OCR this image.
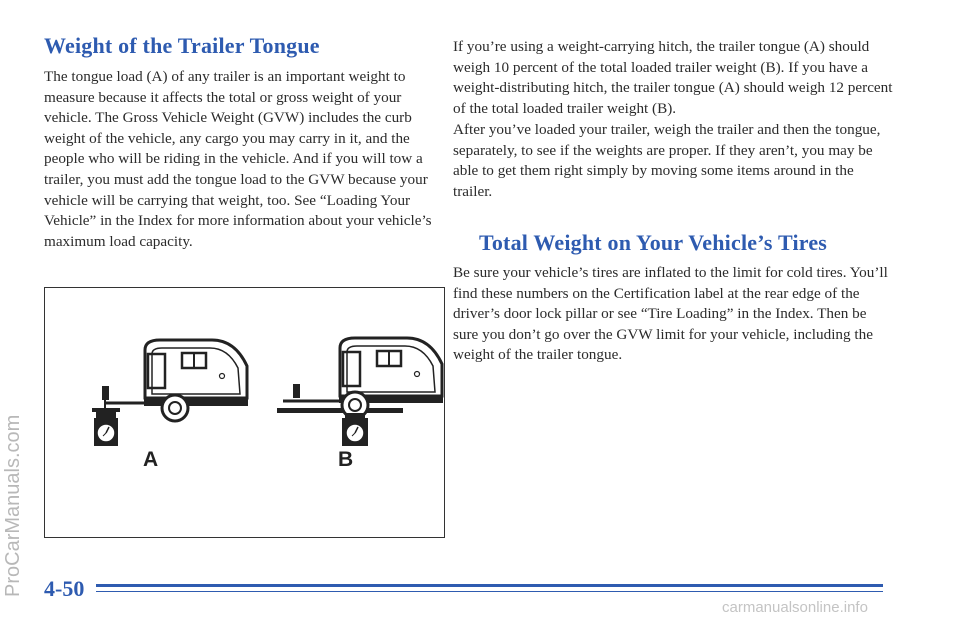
ProCarManuals.com
Weight of the Trailer Tongue

The tongue load (A) of any trailer is an important weight to measure because it affects the total or gross weight of your vehicle. The Gross Vehicle Weight (GVW) includes the curb weight of the vehicle, any cargo you may carry in it, and the people who will be riding in the vehicle. And if you will tow a trailer, you must add the tongue load to the GVW because your vehicle will be carrying that weight, too. See “Loading Your Vehicle” in the Index for more information about your vehicle’s maximum load capacity.

A	B

If you’re using a weight-carrying hitch, the trailer tongue (A) should weigh 10 percent of the total loaded trailer weight (B). If you have a weight-distributing hitch, the trailer tongue (A) should weigh 12 percent of the total loaded trailer weight (B).

After you’ve loaded your trailer, weigh the trailer and then the tongue, separately, to see if the weights are proper. If they aren’t, you may be able to get them right simply by moving some items around in the trailer.

Total Weight on Your Vehicle’s Tires

Be sure your vehicle’s tires are inflated to the limit for cold tires. You’ll find these numbers on the Certification label at the rear edge of the driver’s door lock pillar or see “Tire Loading” in the Index. Then be sure you don’t go over the GVW limit for your vehicle, including the weight of the trailer tongue.

4-50
carmanualsonline.info
